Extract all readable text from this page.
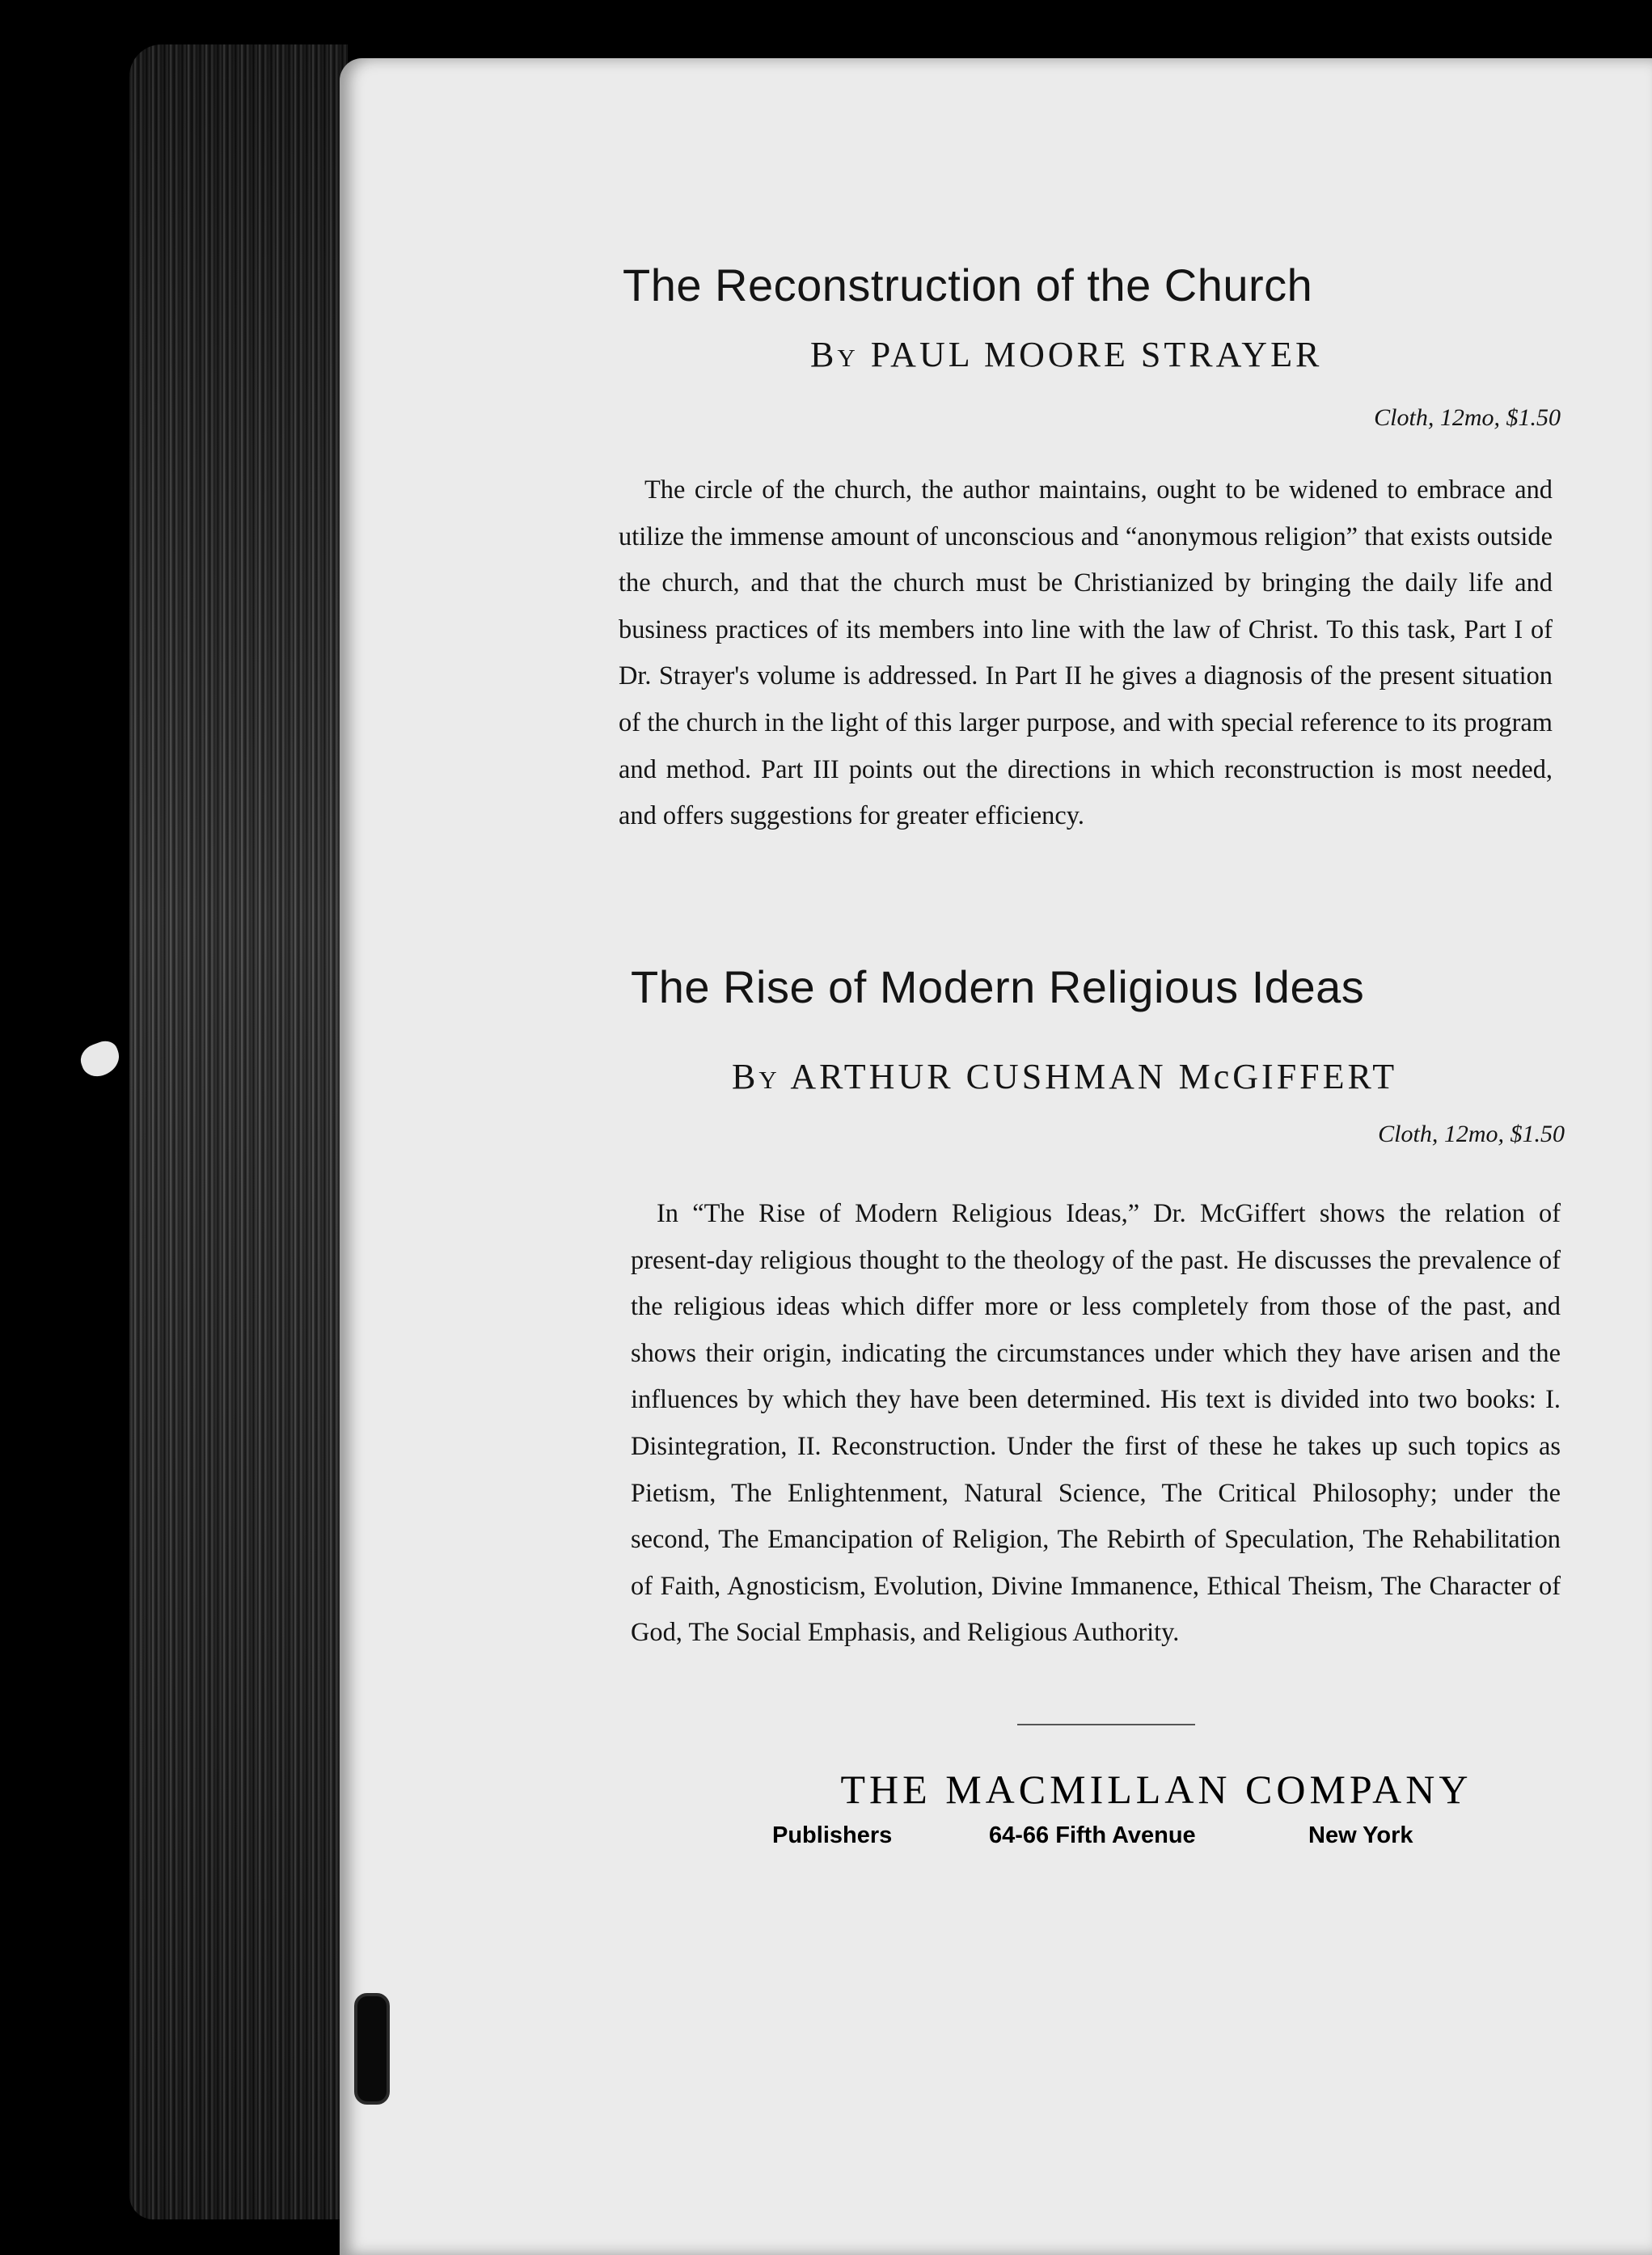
The Reconstruction of the Church

By PAUL MOORE STRAYER

Cloth, 12mo, $1.50

The circle of the church, the author maintains, ought to be widened to embrace and utilize the immense amount of unconscious and “anonymous religion” that exists outside the church, and that the church must be Christianized by bringing the daily life and business practices of its members into line with the law of Christ. To this task, Part I of Dr. Strayer's volume is addressed. In Part II he gives a diagnosis of the present situation of the church in the light of this larger purpose, and with special reference to its program and method. Part III points out the directions in which reconstruction is most needed, and offers suggestions for greater efficiency.

The Rise of Modern Religious Ideas

By ARTHUR CUSHMAN McGIFFERT

Cloth, 12mo, $1.50

In “The Rise of Modern Religious Ideas,” Dr. McGiffert shows the relation of present-day religious thought to the theology of the past. He discusses the prevalence of the religious ideas which differ more or less completely from those of the past, and shows their origin, indicating the circumstances under which they have arisen and the influences by which they have been determined. His text is divided into two books: I. Disintegration, II. Reconstruction. Under the first of these he takes up such topics as Pietism, The Enlightenment, Natural Science, The Critical Philosophy; under the second, The Emancipation of Religion, The Rebirth of Speculation, The Rehabilitation of Faith, Agnosticism, Evolution, Divine Immanence, Ethical Theism, The Character of God, The Social Emphasis, and Religious Authority.

THE MACMILLAN COMPANY

Publishers	64-66 Fifth Avenue	New York
